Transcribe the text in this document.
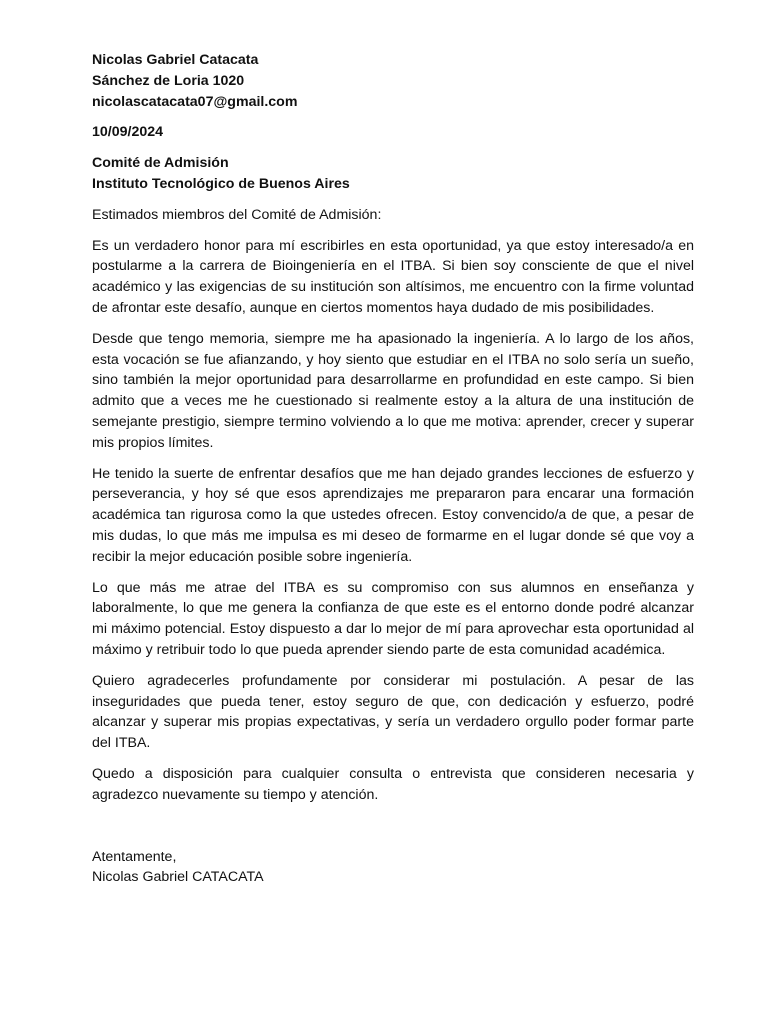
Nicolas Gabriel Catacata
Sánchez de Loria 1020
nicolascatacata07@gmail.com

10/09/2024

Comité de Admisión
Instituto Tecnológico de Buenos Aires

Estimados miembros del Comité de Admisión:

Es un verdadero honor para mí escribirles en esta oportunidad, ya que estoy interesado/a en postularme a la carrera de Bioingeniería en el ITBA. Si bien soy consciente de que el nivel académico y las exigencias de su institución son altísimos, me encuentro con la firme voluntad de afrontar este desafío, aunque en ciertos momentos haya dudado de mis posibilidades.

Desde que tengo memoria, siempre me ha apasionado la ingeniería. A lo largo de los años, esta vocación se fue afianzando, y hoy siento que estudiar en el ITBA no solo sería un sueño, sino también la mejor oportunidad para desarrollarme en profundidad en este campo. Si bien admito que a veces me he cuestionado si realmente estoy a la altura de una institución de semejante prestigio, siempre termino volviendo a lo que me motiva: aprender, crecer y superar mis propios límites.

He tenido la suerte de enfrentar desafíos que me han dejado grandes lecciones de esfuerzo y perseverancia, y hoy sé que esos aprendizajes me prepararon para encarar una formación académica tan rigurosa como la que ustedes ofrecen. Estoy convencido/a de que, a pesar de mis dudas, lo que más me impulsa es mi deseo de formarme en el lugar donde sé que voy a recibir la mejor educación posible sobre ingeniería.

Lo que más me atrae del ITBA es su compromiso con sus alumnos en enseñanza y laboralmente, lo que me genera la confianza de que este es el entorno donde podré alcanzar mi máximo potencial. Estoy dispuesto a dar lo mejor de mí para aprovechar esta oportunidad al máximo y retribuir todo lo que pueda aprender siendo parte de esta comunidad académica.

Quiero agradecerles profundamente por considerar mi postulación. A pesar de las inseguridades que pueda tener, estoy seguro de que, con dedicación y esfuerzo, podré alcanzar y superar mis propias expectativas, y sería un verdadero orgullo poder formar parte del ITBA.

Quedo a disposición para cualquier consulta o entrevista que consideren necesaria y agradezco nuevamente su tiempo y atención.

Atentamente,
Nicolas Gabriel CATACATA
